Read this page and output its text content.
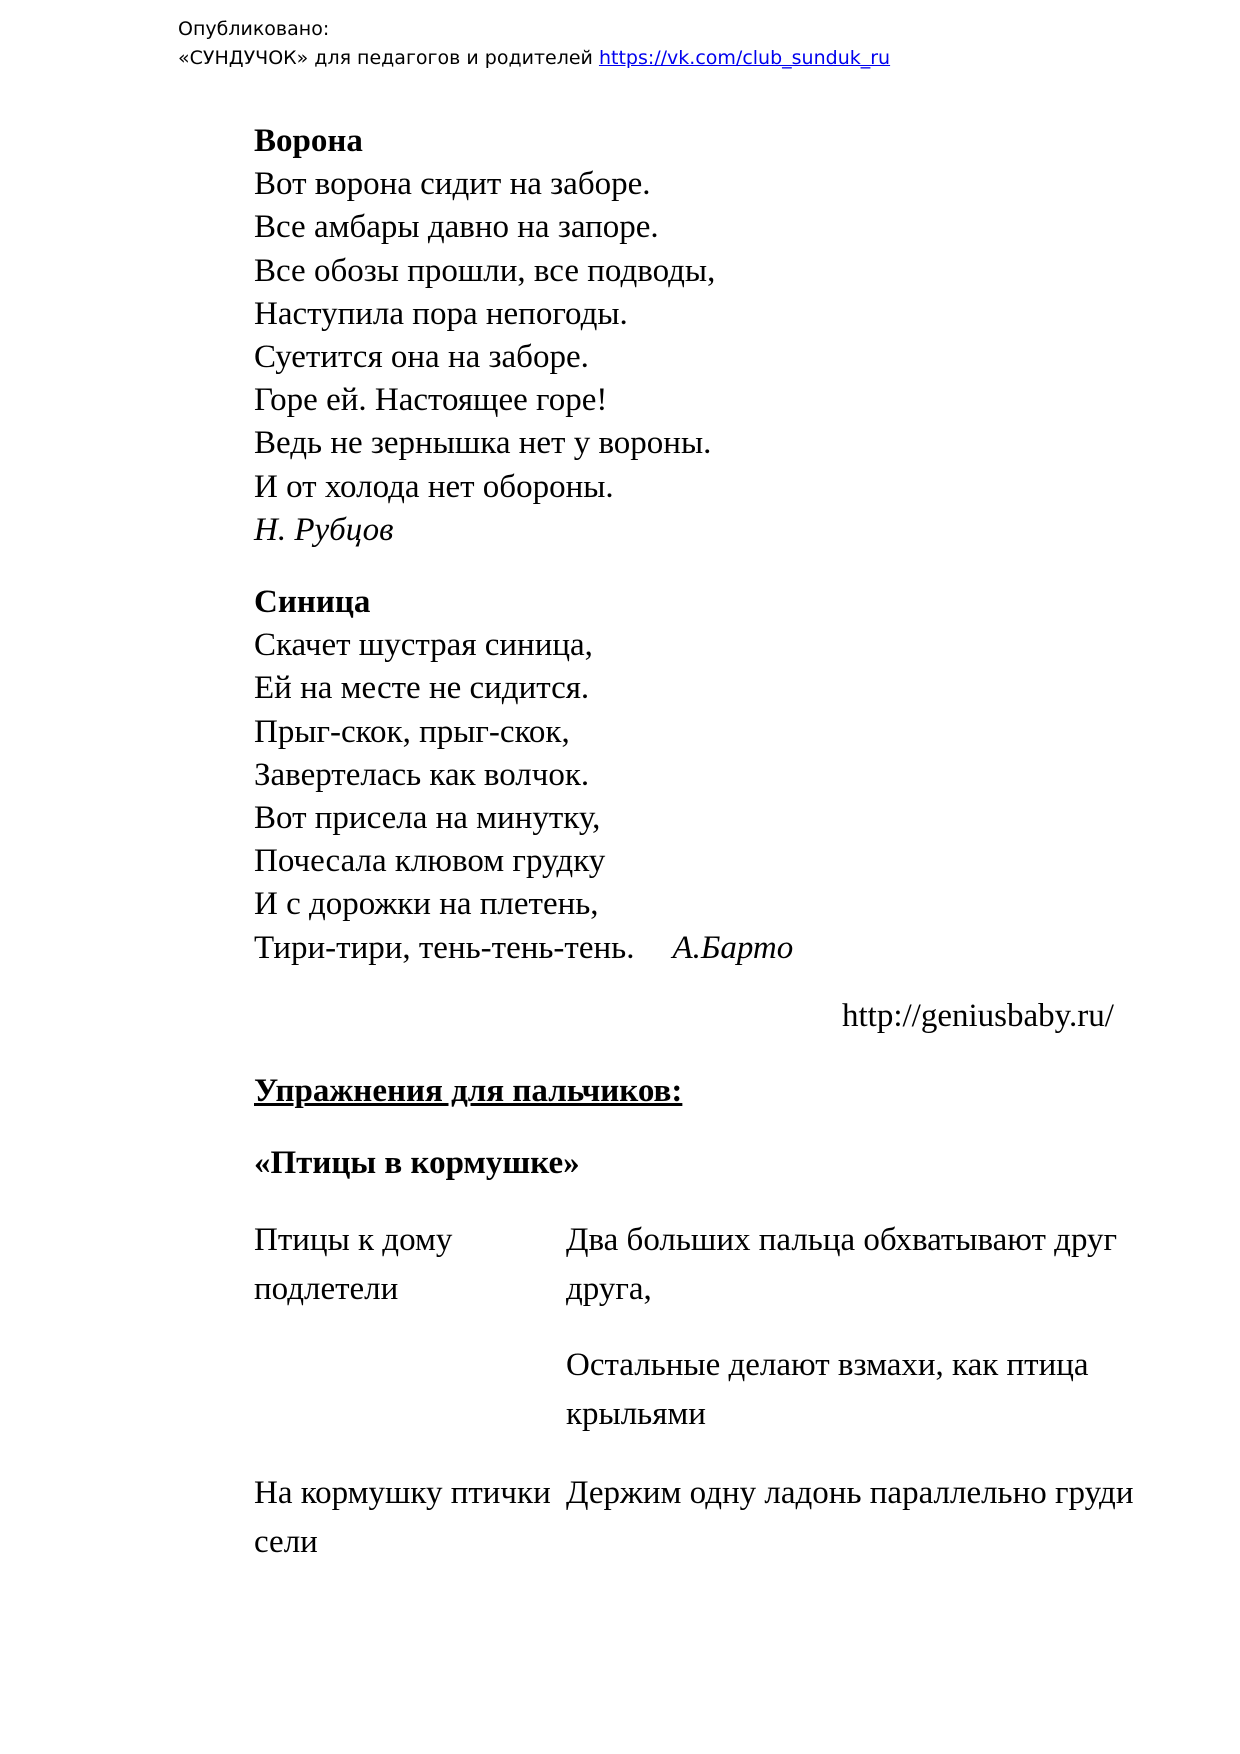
Опубликовано:
«СУНДУЧОК» для педагогов и родителей https://vk.com/club_sunduk_ru
Ворона
Вот ворона сидит на заборе.
Все амбары давно на запоре.
Все обозы прошли, все подводы,
Наступила пора непогоды.
Суетится она на заборе.
Горе ей. Настоящее горе!
Ведь не зернышка нет у вороны.
И от холода нет обороны.
Н. Рубцов
Синица
Скачет шустрая синица,
Ей на месте не сидится.
Прыг-скок, прыг-скок,
Завертелась как волчок.
Вот присела на минутку,
Почесала клювом грудку
И с дорожки на плетень,
Тири-тири, тень-тень-тень. А.Барто
http://geniusbaby.ru/
Упражнения для пальчиков:
«Птицы в кормушке»
Птицы к дому подлетели
Два больших пальца обхватывают друг друга,
Остальные делают взмахи, как птица крыльями
На кормушку птички сели
Держим одну ладонь параллельно груди
